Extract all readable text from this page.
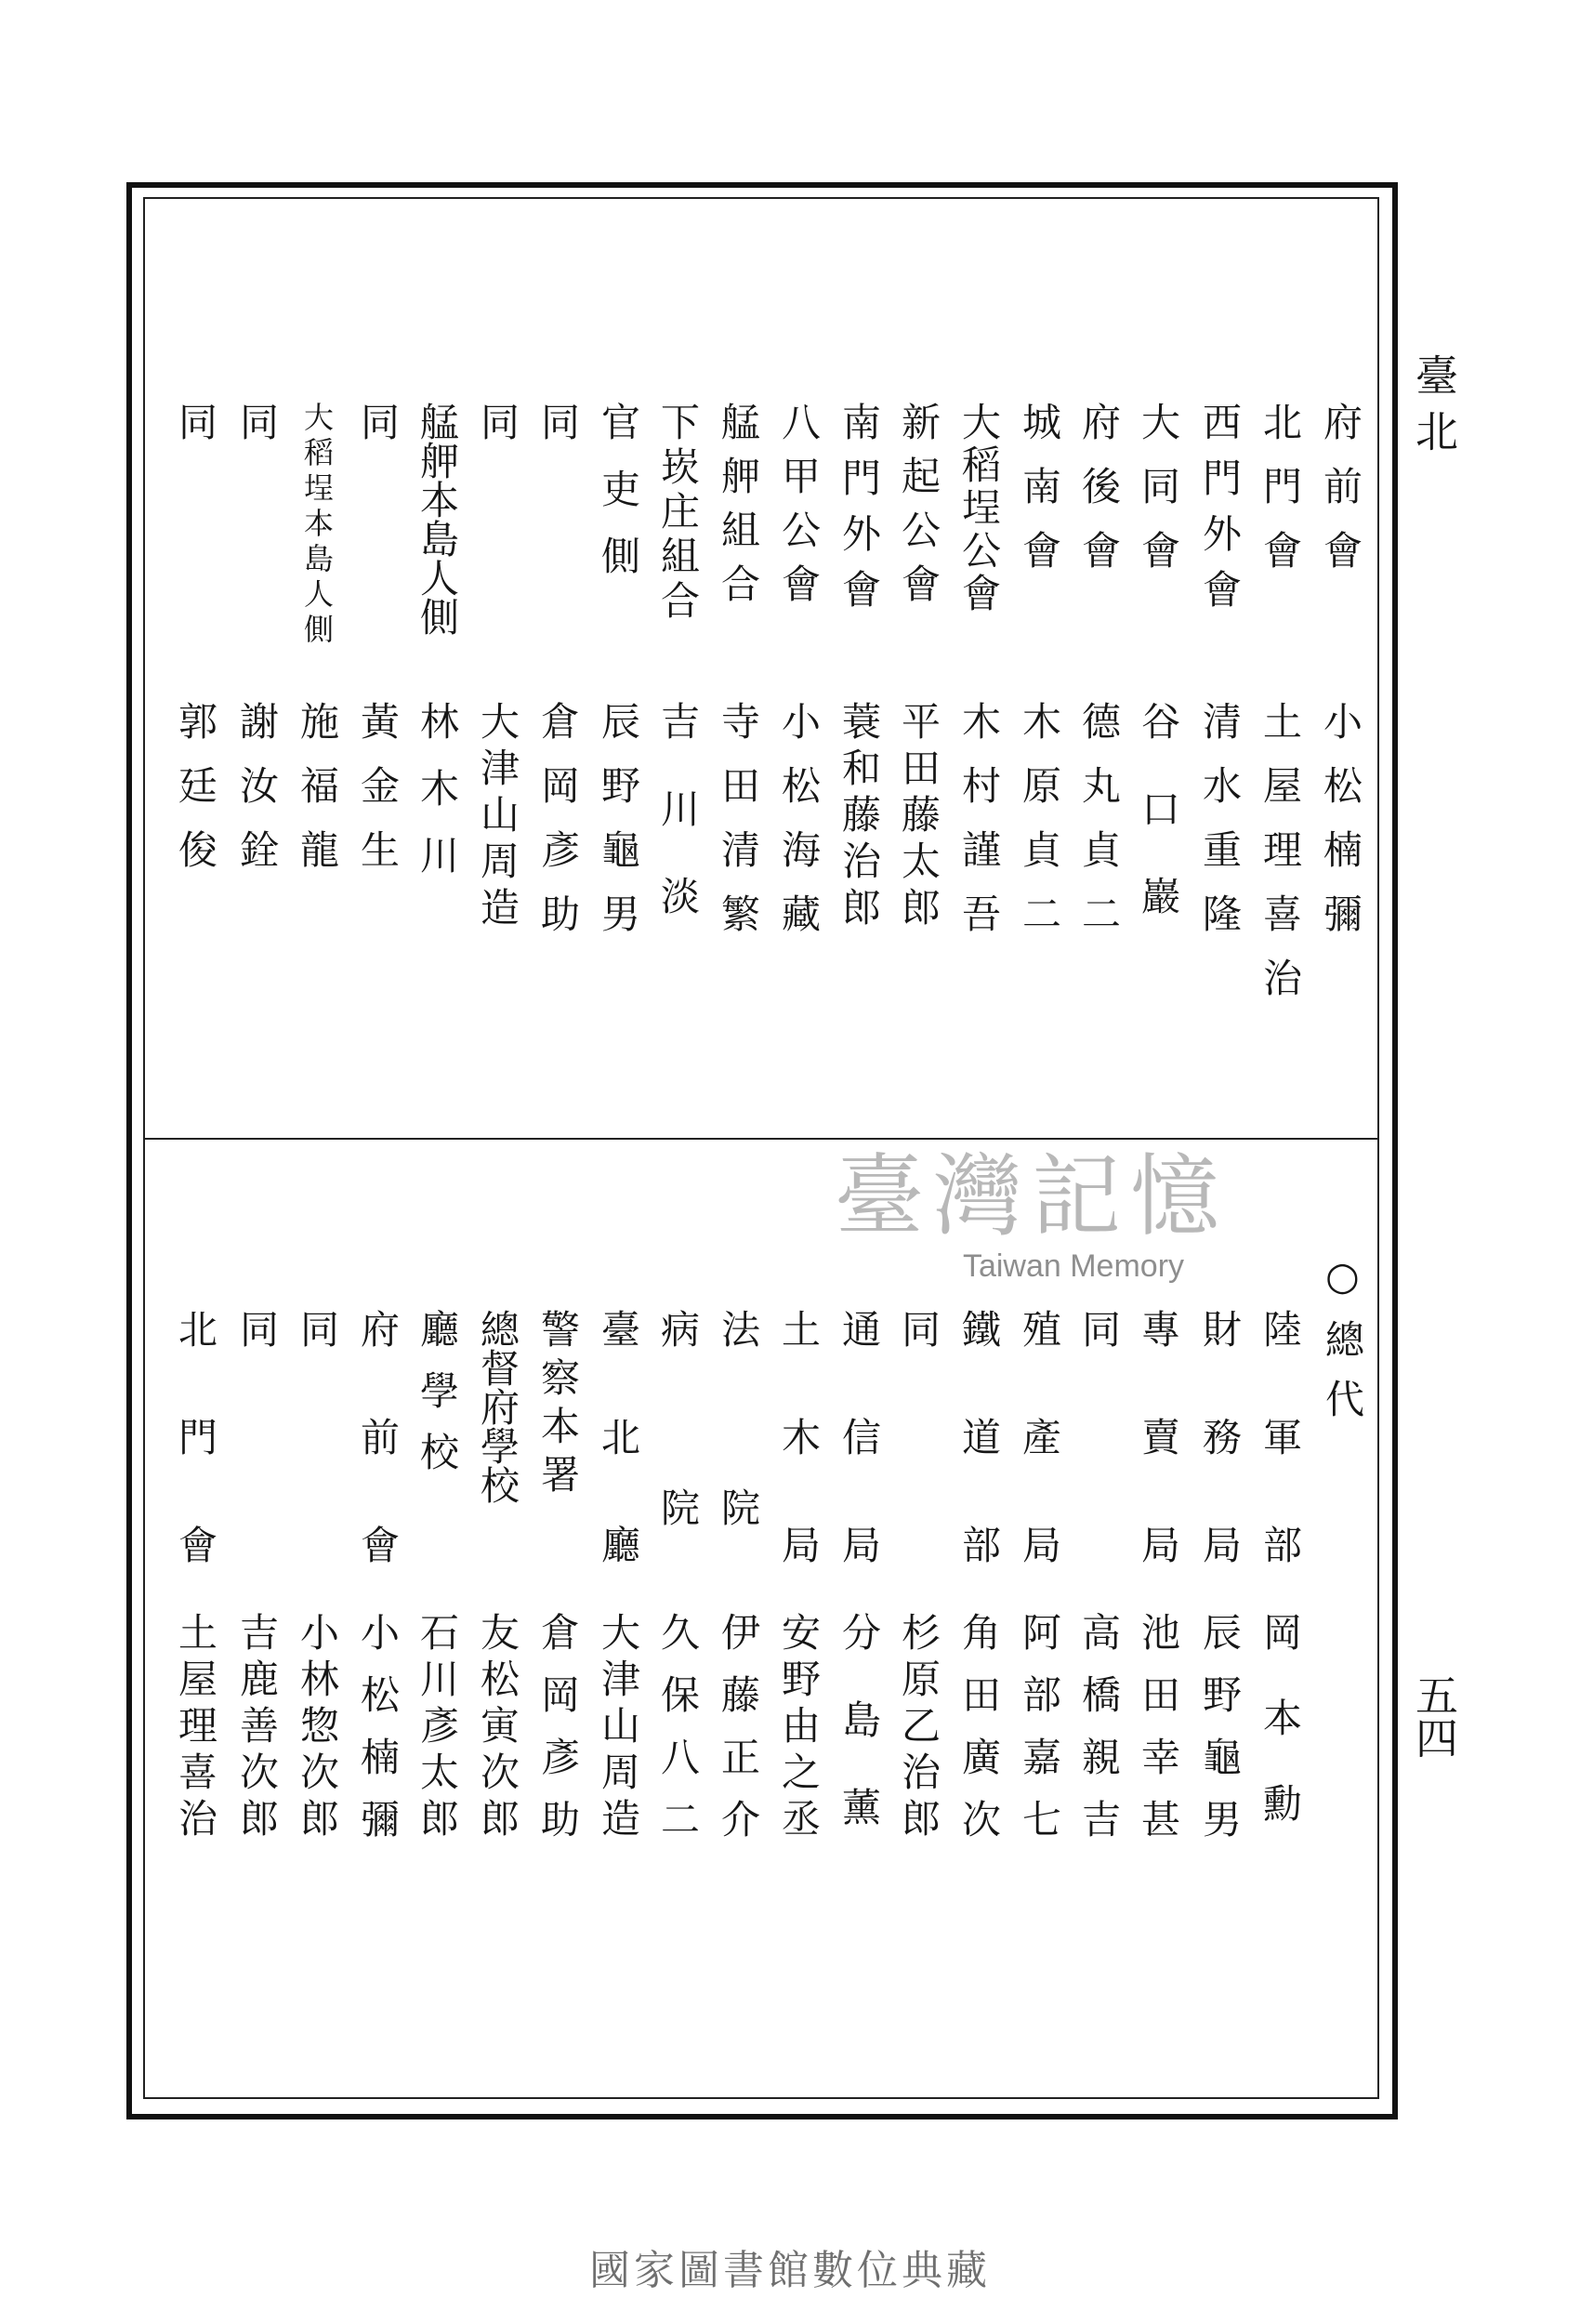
臺北
五四
府前會
小松楠彌
北門會
土屋理喜治
西門外會
清水重隆
大同會
谷口巖
府後會
德丸貞二
城南會
木原貞二
大稻埕公會
木村謹吾
新起公會
平田藤太郎
南門外會
蓑和藤治郎
八甲公會
小松海藏
艋舺組合
寺田清繁
下崁庄組合
吉川淡
官吏側
辰野龜男
同
倉岡彥助
同
大津山周造
艋舺本島人側
林木川
同
黃金生
大稻埕本島人側
施福龍
同
謝汝銓
同
郭廷俊
○總代
陸軍部
岡本勳
財務局
辰野龜男
專賣局
池田幸甚
同
高橋親吉
殖產局
阿部嘉七
鐵道部
角田廣次
同
杉原乙治郎
通信局
分島薰
土木局
安野由之丞
法院
伊藤正介
病院
久保八二
臺北廳
大津山周造
警察本署
倉岡彥助
總督府學校
友松寅次郎
廳學校
石川彥太郎
府前會
小松楠彌
同
小林惣次郎
同
吉鹿善次郎
北門會
土屋理喜治
臺灣記憶
Taiwan Memory
國家圖書館數位典藏
